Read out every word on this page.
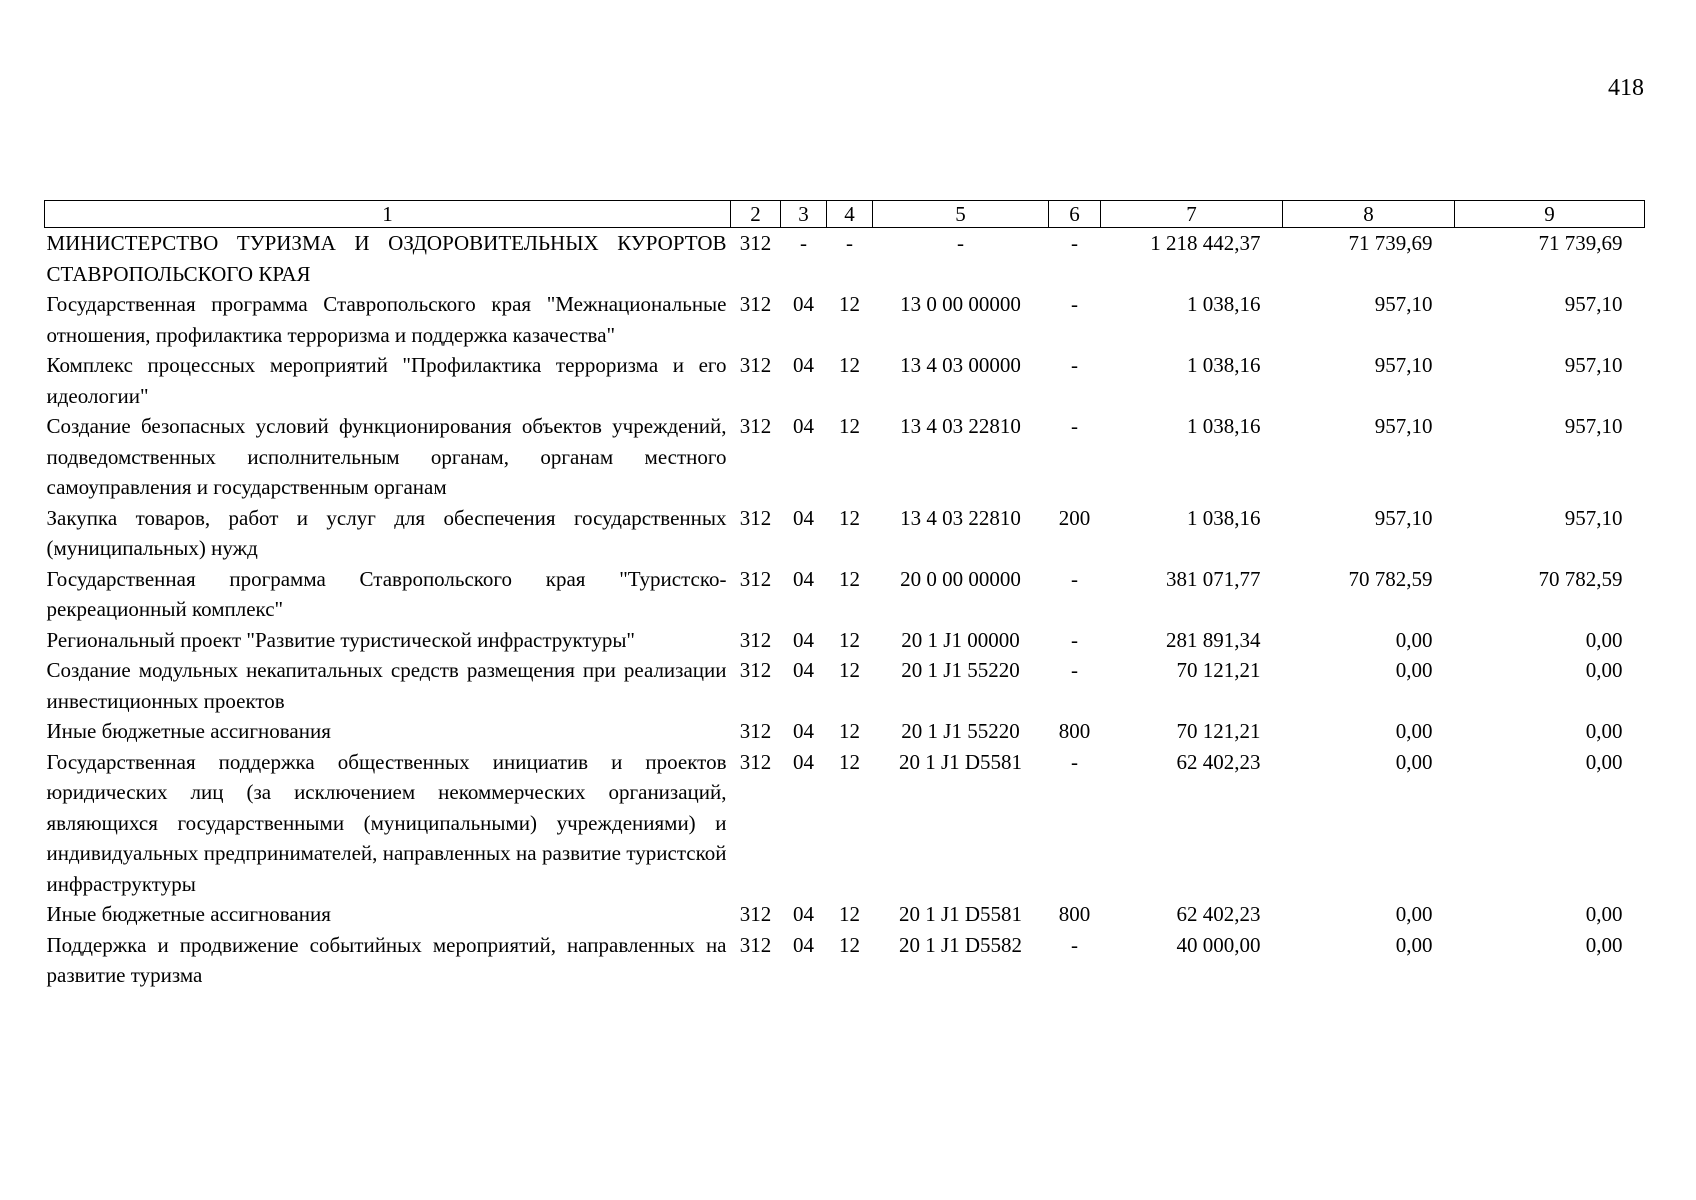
418
1	2	3	4	5	6	7	8	9
МИНИСТЕРСТВО ТУРИЗМА И ОЗДОРОВИТЕЛЬНЫХ КУРОРТОВ СТАВРОПОЛЬСКОГО КРАЯ	312	-	-	-	-	1 218 442,37	71 739,69	71 739,69
Государственная программа Ставропольского края "Межнациональные отношения, профилактика терроризма и поддержка казачества"	312	04	12	13 0 00 00000	-	1 038,16	957,10	957,10
Комплекс процессных мероприятий "Профилактика терроризма и его идеологии"	312	04	12	13 4 03 00000	-	1 038,16	957,10	957,10
Создание безопасных условий функционирования объектов учреждений, подведомственных исполнительным органам, органам местного самоуправления и государственным органам	312	04	12	13 4 03 22810	-	1 038,16	957,10	957,10
Закупка товаров, работ и услуг для обеспечения государственных (муниципальных) нужд	312	04	12	13 4 03 22810	200	1 038,16	957,10	957,10
Государственная программа Ставропольского края "Туристско-рекреационный комплекс"	312	04	12	20 0 00 00000	-	381 071,77	70 782,59	70 782,59
Региональный проект "Развитие туристической инфраструктуры"	312	04	12	20 1 J1 00000	-	281 891,34	0,00	0,00
Создание модульных некапитальных средств размещения при реализации инвестиционных проектов	312	04	12	20 1 J1 55220	-	70 121,21	0,00	0,00
Иные бюджетные ассигнования	312	04	12	20 1 J1 55220	800	70 121,21	0,00	0,00
Государственная поддержка общественных инициатив и проектов юридических лиц (за исключением некоммерческих организаций, являющихся государственными (муниципальными) учреждениями) и индивидуальных предпринимателей, направленных на развитие туристской инфраструктуры	312	04	12	20 1 J1 D5581	-	62 402,23	0,00	0,00
Иные бюджетные ассигнования	312	04	12	20 1 J1 D5581	800	62 402,23	0,00	0,00
Поддержка и продвижение событийных мероприятий, направленных на развитие туризма	312	04	12	20 1 J1 D5582	-	40 000,00	0,00	0,00
